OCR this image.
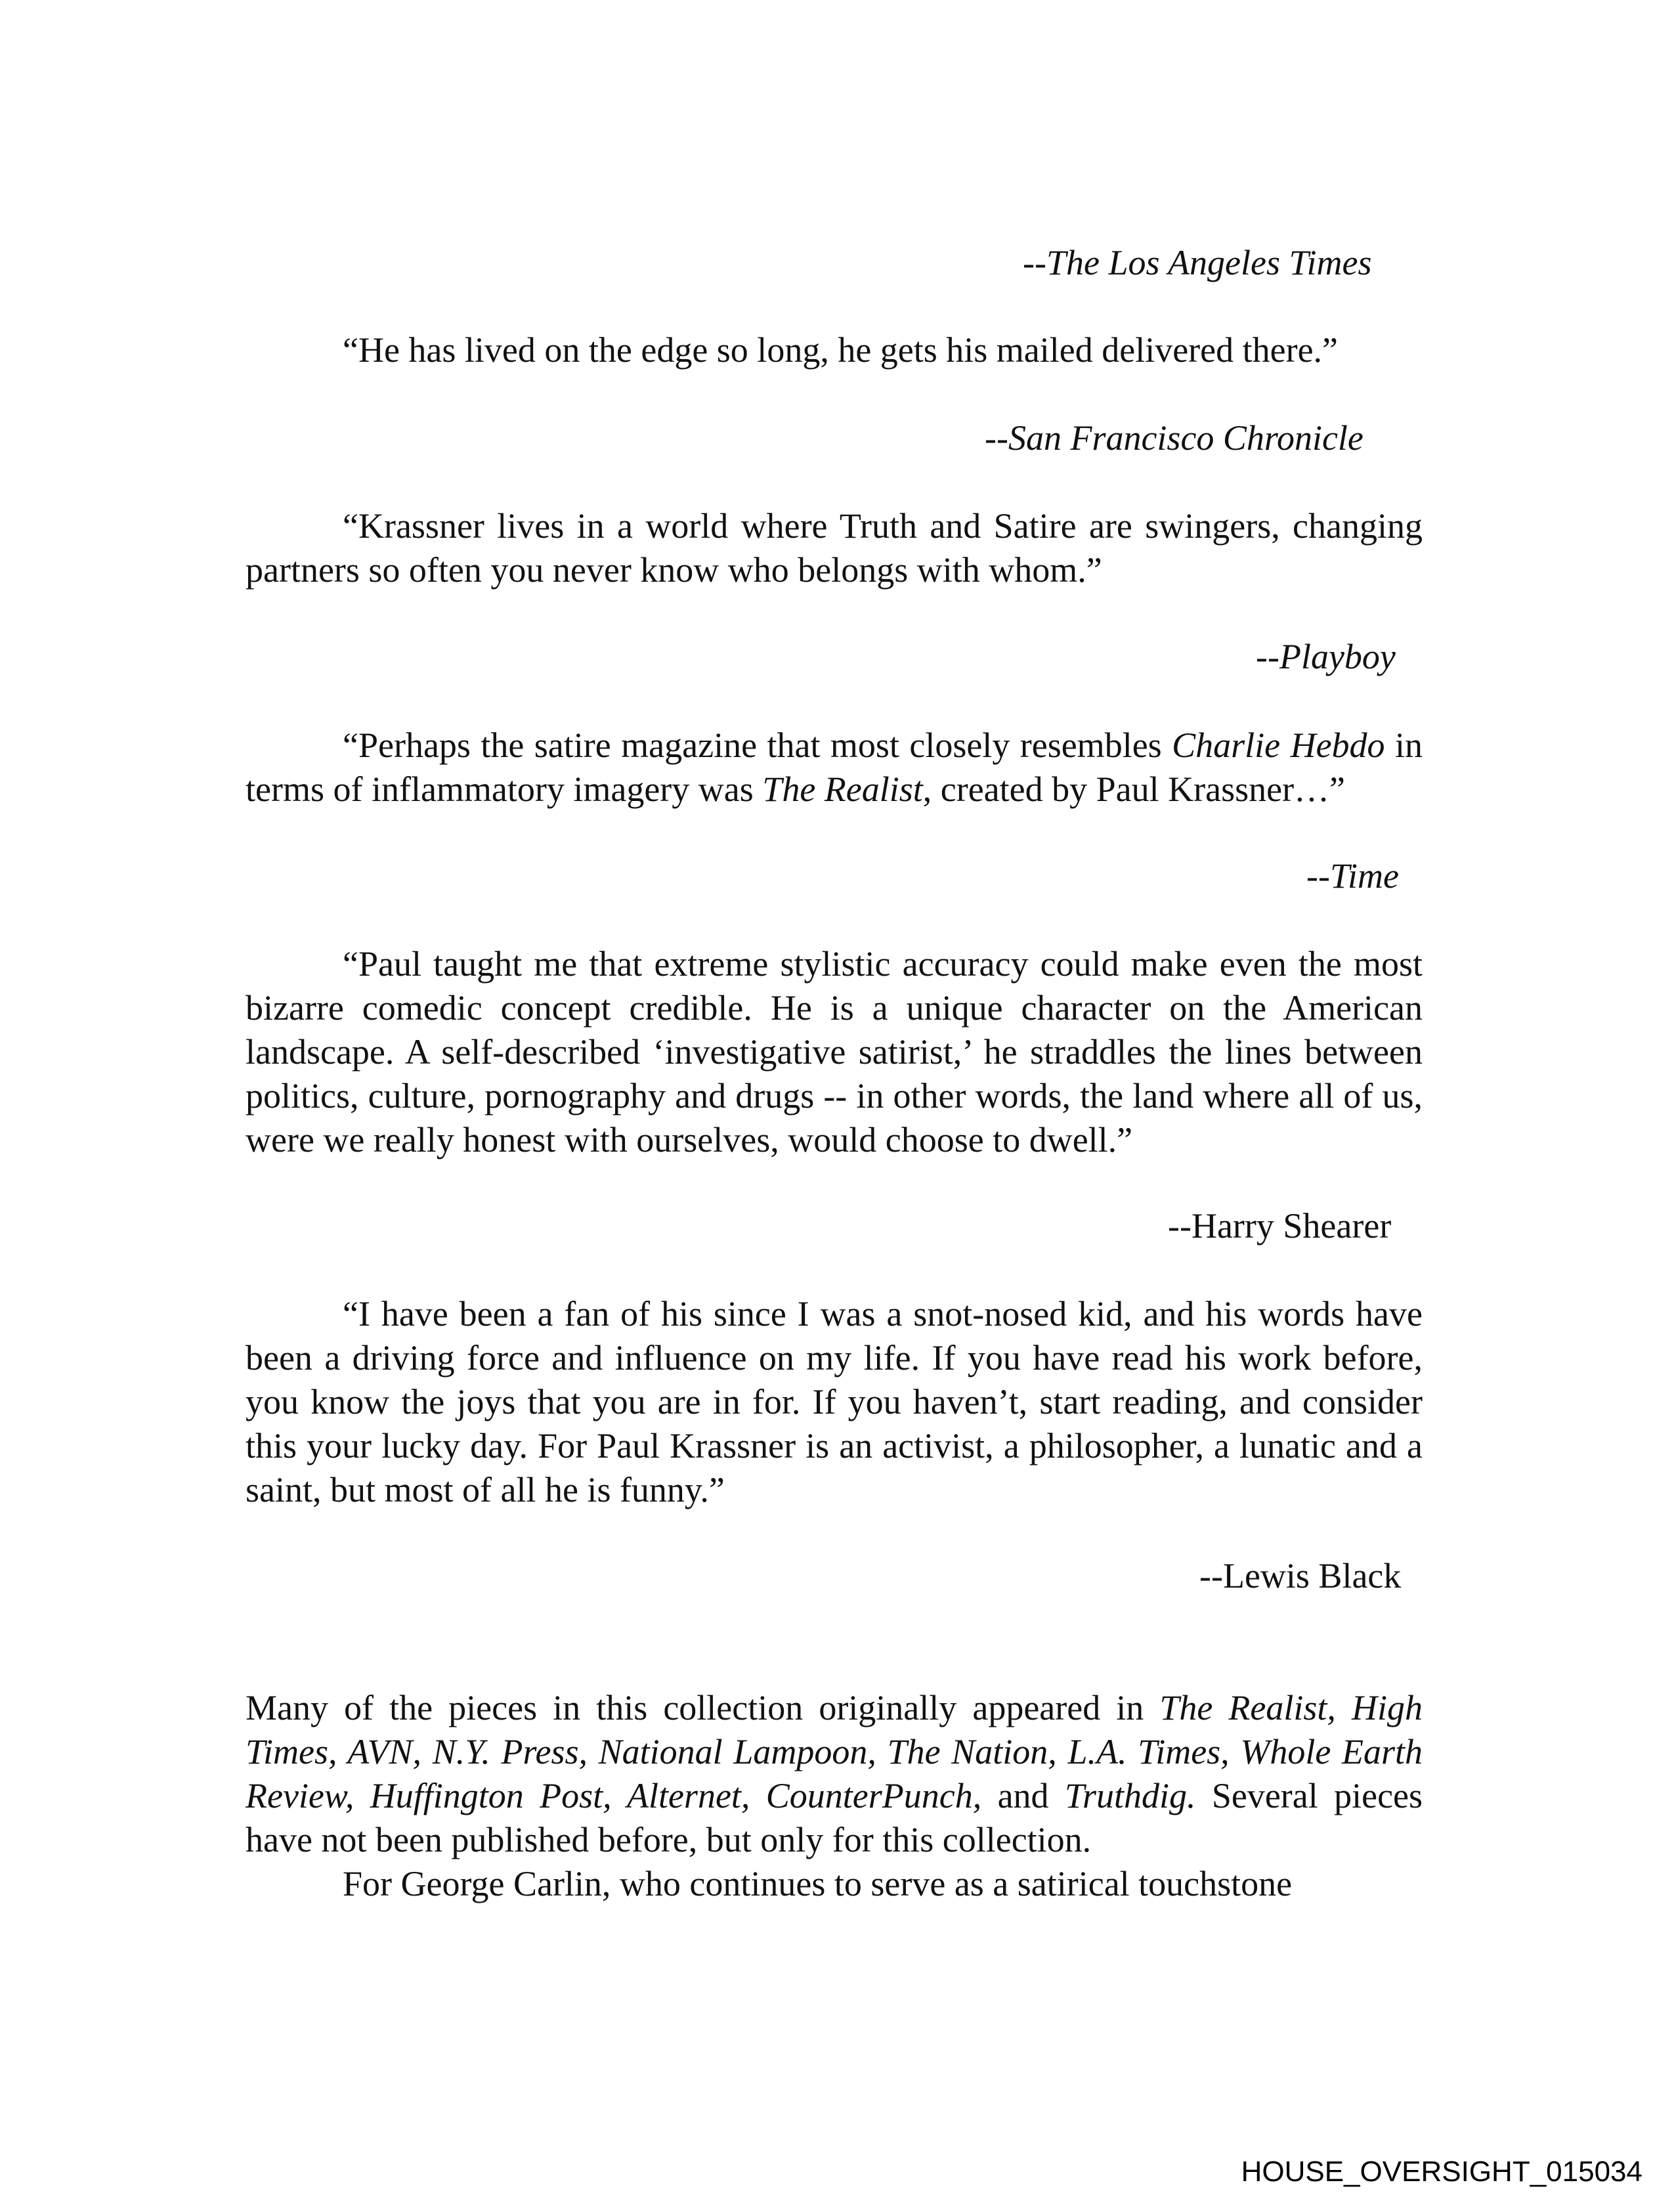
--The Los Angeles Times

“He has lived on the edge so long, he gets his mailed delivered there.”

--San Francisco Chronicle

“Krassner lives in a world where Truth and Satire are swingers, changing partners so often you never know who belongs with whom.”

--Playboy

“Perhaps the satire magazine that most closely resembles Charlie Hebdo in terms of inflammatory imagery was The Realist, created by Paul Krassner…”

--Time

“Paul taught me that extreme stylistic accuracy could make even the most bizarre comedic concept credible. He is a unique character on the American landscape. A self-described ‘investigative satirist,’ he straddles the lines between politics, culture, pornography and drugs -- in other words, the land where all of us, were we really honest with ourselves, would choose to dwell.”

--Harry Shearer

“I have been a fan of his since I was a snot-nosed kid, and his words have been a driving force and influence on my life. If you have read his work before, you know the joys that you are in for. If you haven’t, start reading, and consider this your lucky day. For Paul Krassner is an activist, a philosopher, a lunatic and a saint, but most of all he is funny.”

--Lewis Black

Many of the pieces in this collection originally appeared in The Realist, High Times, AVN, N.Y. Press, National Lampoon, The Nation, L.A. Times, Whole Earth Review, Huffington Post, Alternet, CounterPunch, and Truthdig. Several pieces have not been published before, but only for this collection.

For George Carlin, who continues to serve as a satirical touchstone

HOUSE_OVERSIGHT_015034
